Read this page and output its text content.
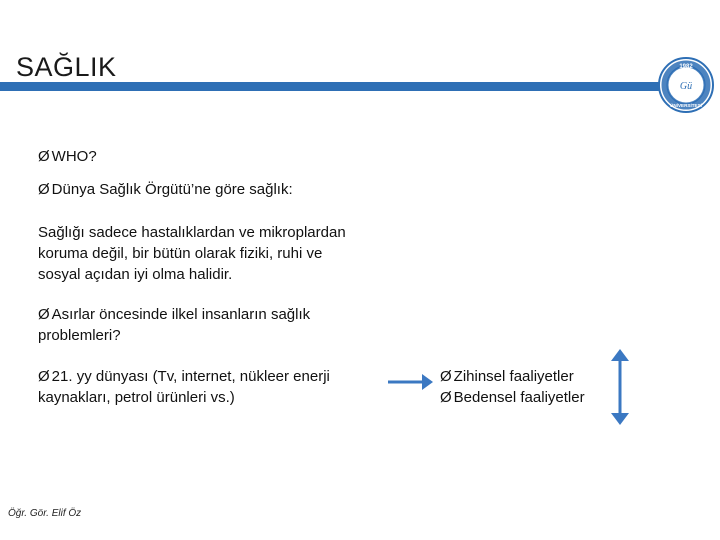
SAĞLIK	1982
ÜNİVERSİTESİ
Gü
Ø WHO?
Ø Dünya Sağlık Örgütü’ne göre sağlık:
Sağlığı sadece hastalıklardan ve mikroplardan
koruma değil, bir bütün olarak fiziki, ruhi ve
sosyal açıdan iyi olma halidir.
Ø Asırlar öncesinde ilkel insanların sağlık
problemleri?
Ø 21. yy dünyası (Tv, internet, nükleer enerji
kaynakları, petrol ürünleri vs.)
Ø Zihinsel faaliyetler
Ø Bedensel faaliyetler
Öğr. Gör. Elif Öz
